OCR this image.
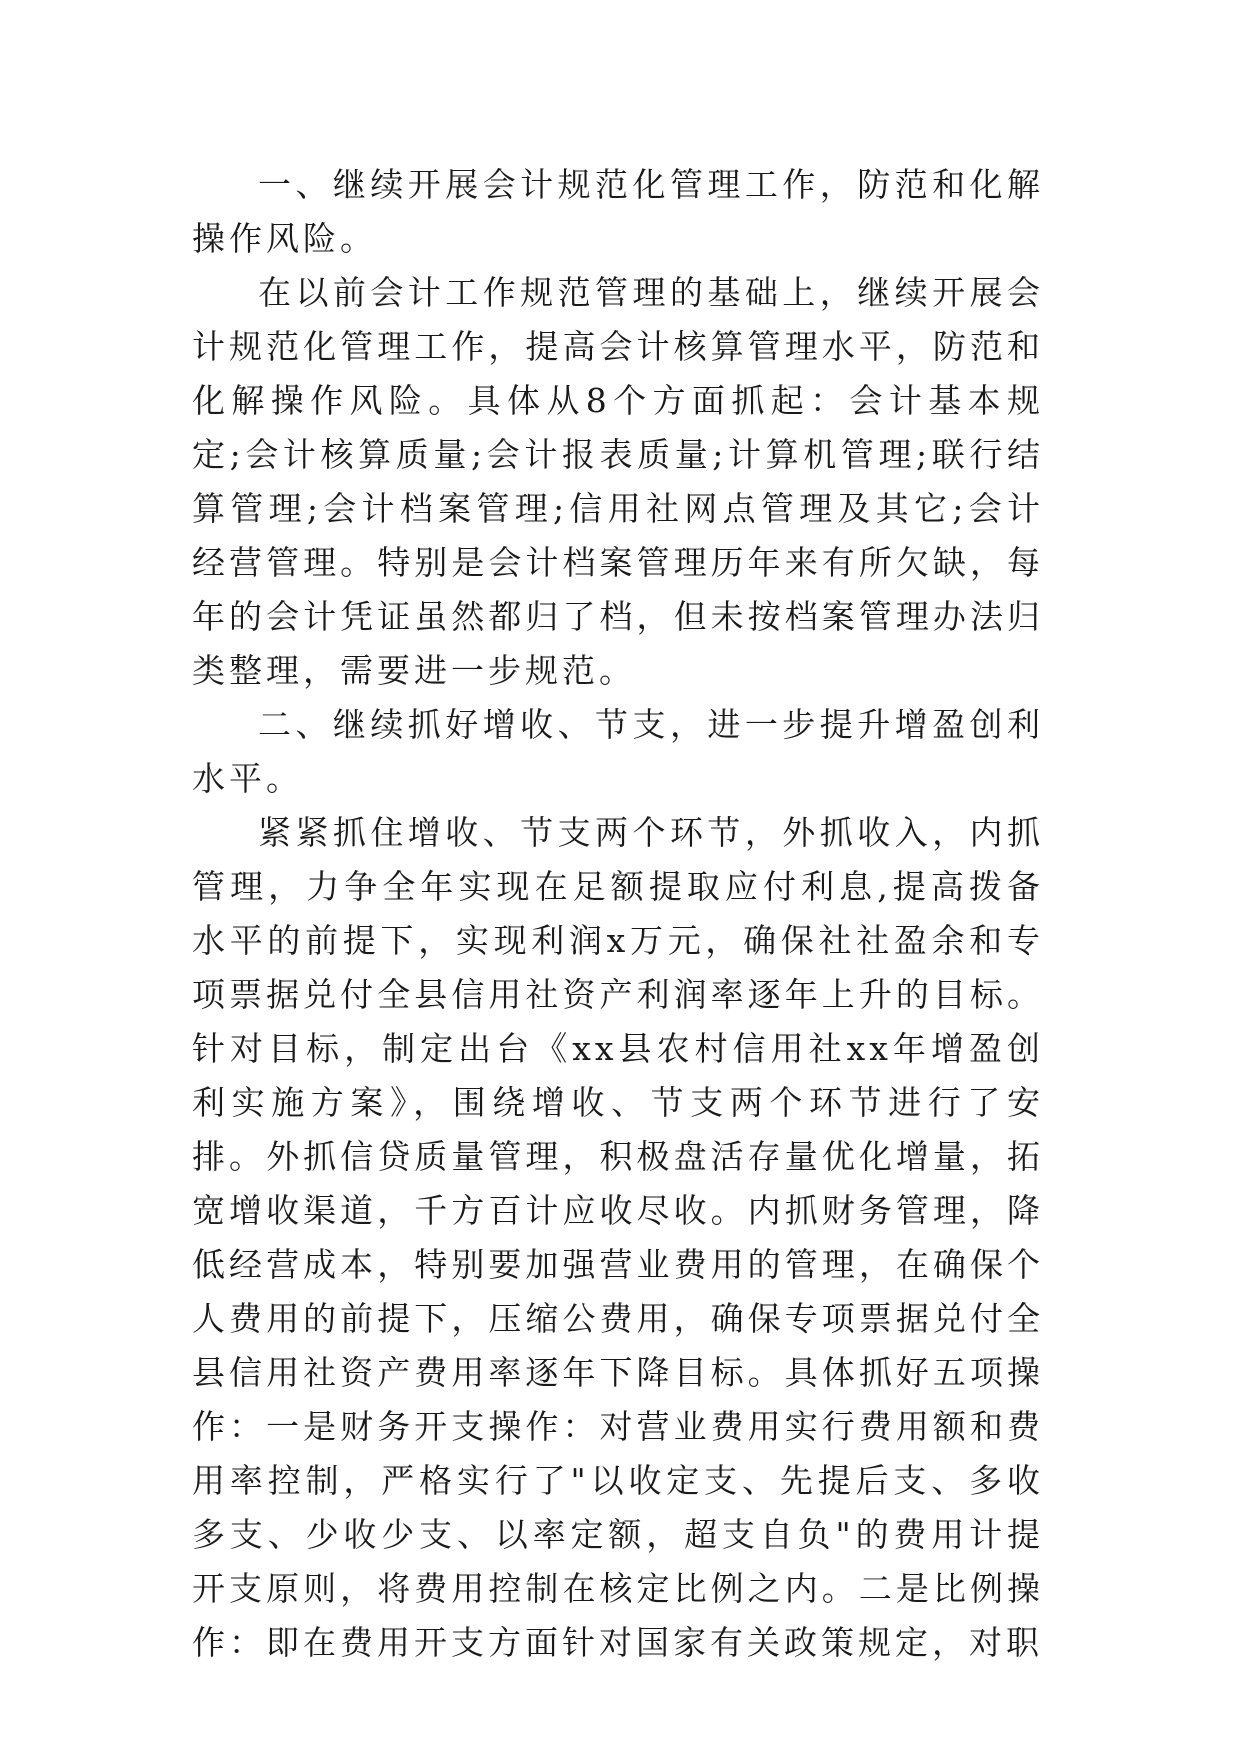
一、继续开展会计规范化管理工作，防范和化解操作风险。

在以前会计工作规范管理的基础上，继续开展会计规范化管理工作，提高会计核算管理水平，防范和化解操作风险。具体从8个方面抓起：会计基本规定;会计核算质量;会计报表质量;计算机管理;联行结算管理;会计档案管理;信用社网点管理及其它;会计经营管理。特别是会计档案管理历年来有所欠缺，每年的会计凭证虽然都归了档，但未按档案管理办法归类整理，需要进一步规范。

二、继续抓好增收、节支，进一步提升增盈创利水平。

紧紧抓住增收、节支两个环节，外抓收入，内抓管理，力争全年实现在足额提取应付利息,提高拨备水平的前提下，实现利润x万元，确保社社盈余和专项票据兑付全县信用社资产利润率逐年上升的目标。针对目标，制定出台《xx县农村信用社xx年增盈创利实施方案》，围绕增收、节支两个环节进行了安排。外抓信贷质量管理，积极盘活存量优化增量，拓宽增收渠道，千方百计应收尽收。内抓财务管理，降低经营成本，特别要加强营业费用的管理，在确保个人费用的前提下，压缩公费用，确保专项票据兑付全县信用社资产费用率逐年下降目标。具体抓好五项操作：一是财务开支操作：对营业费用实行费用额和费用率控制，严格实行了"以收定支、先提后支、多收多支、少收少支、以率定额，超支自负"的费用计提开支原则，将费用控制在核定比例之内。二是比例操作：即在费用开支方面针对国家有关政策规定，对职
